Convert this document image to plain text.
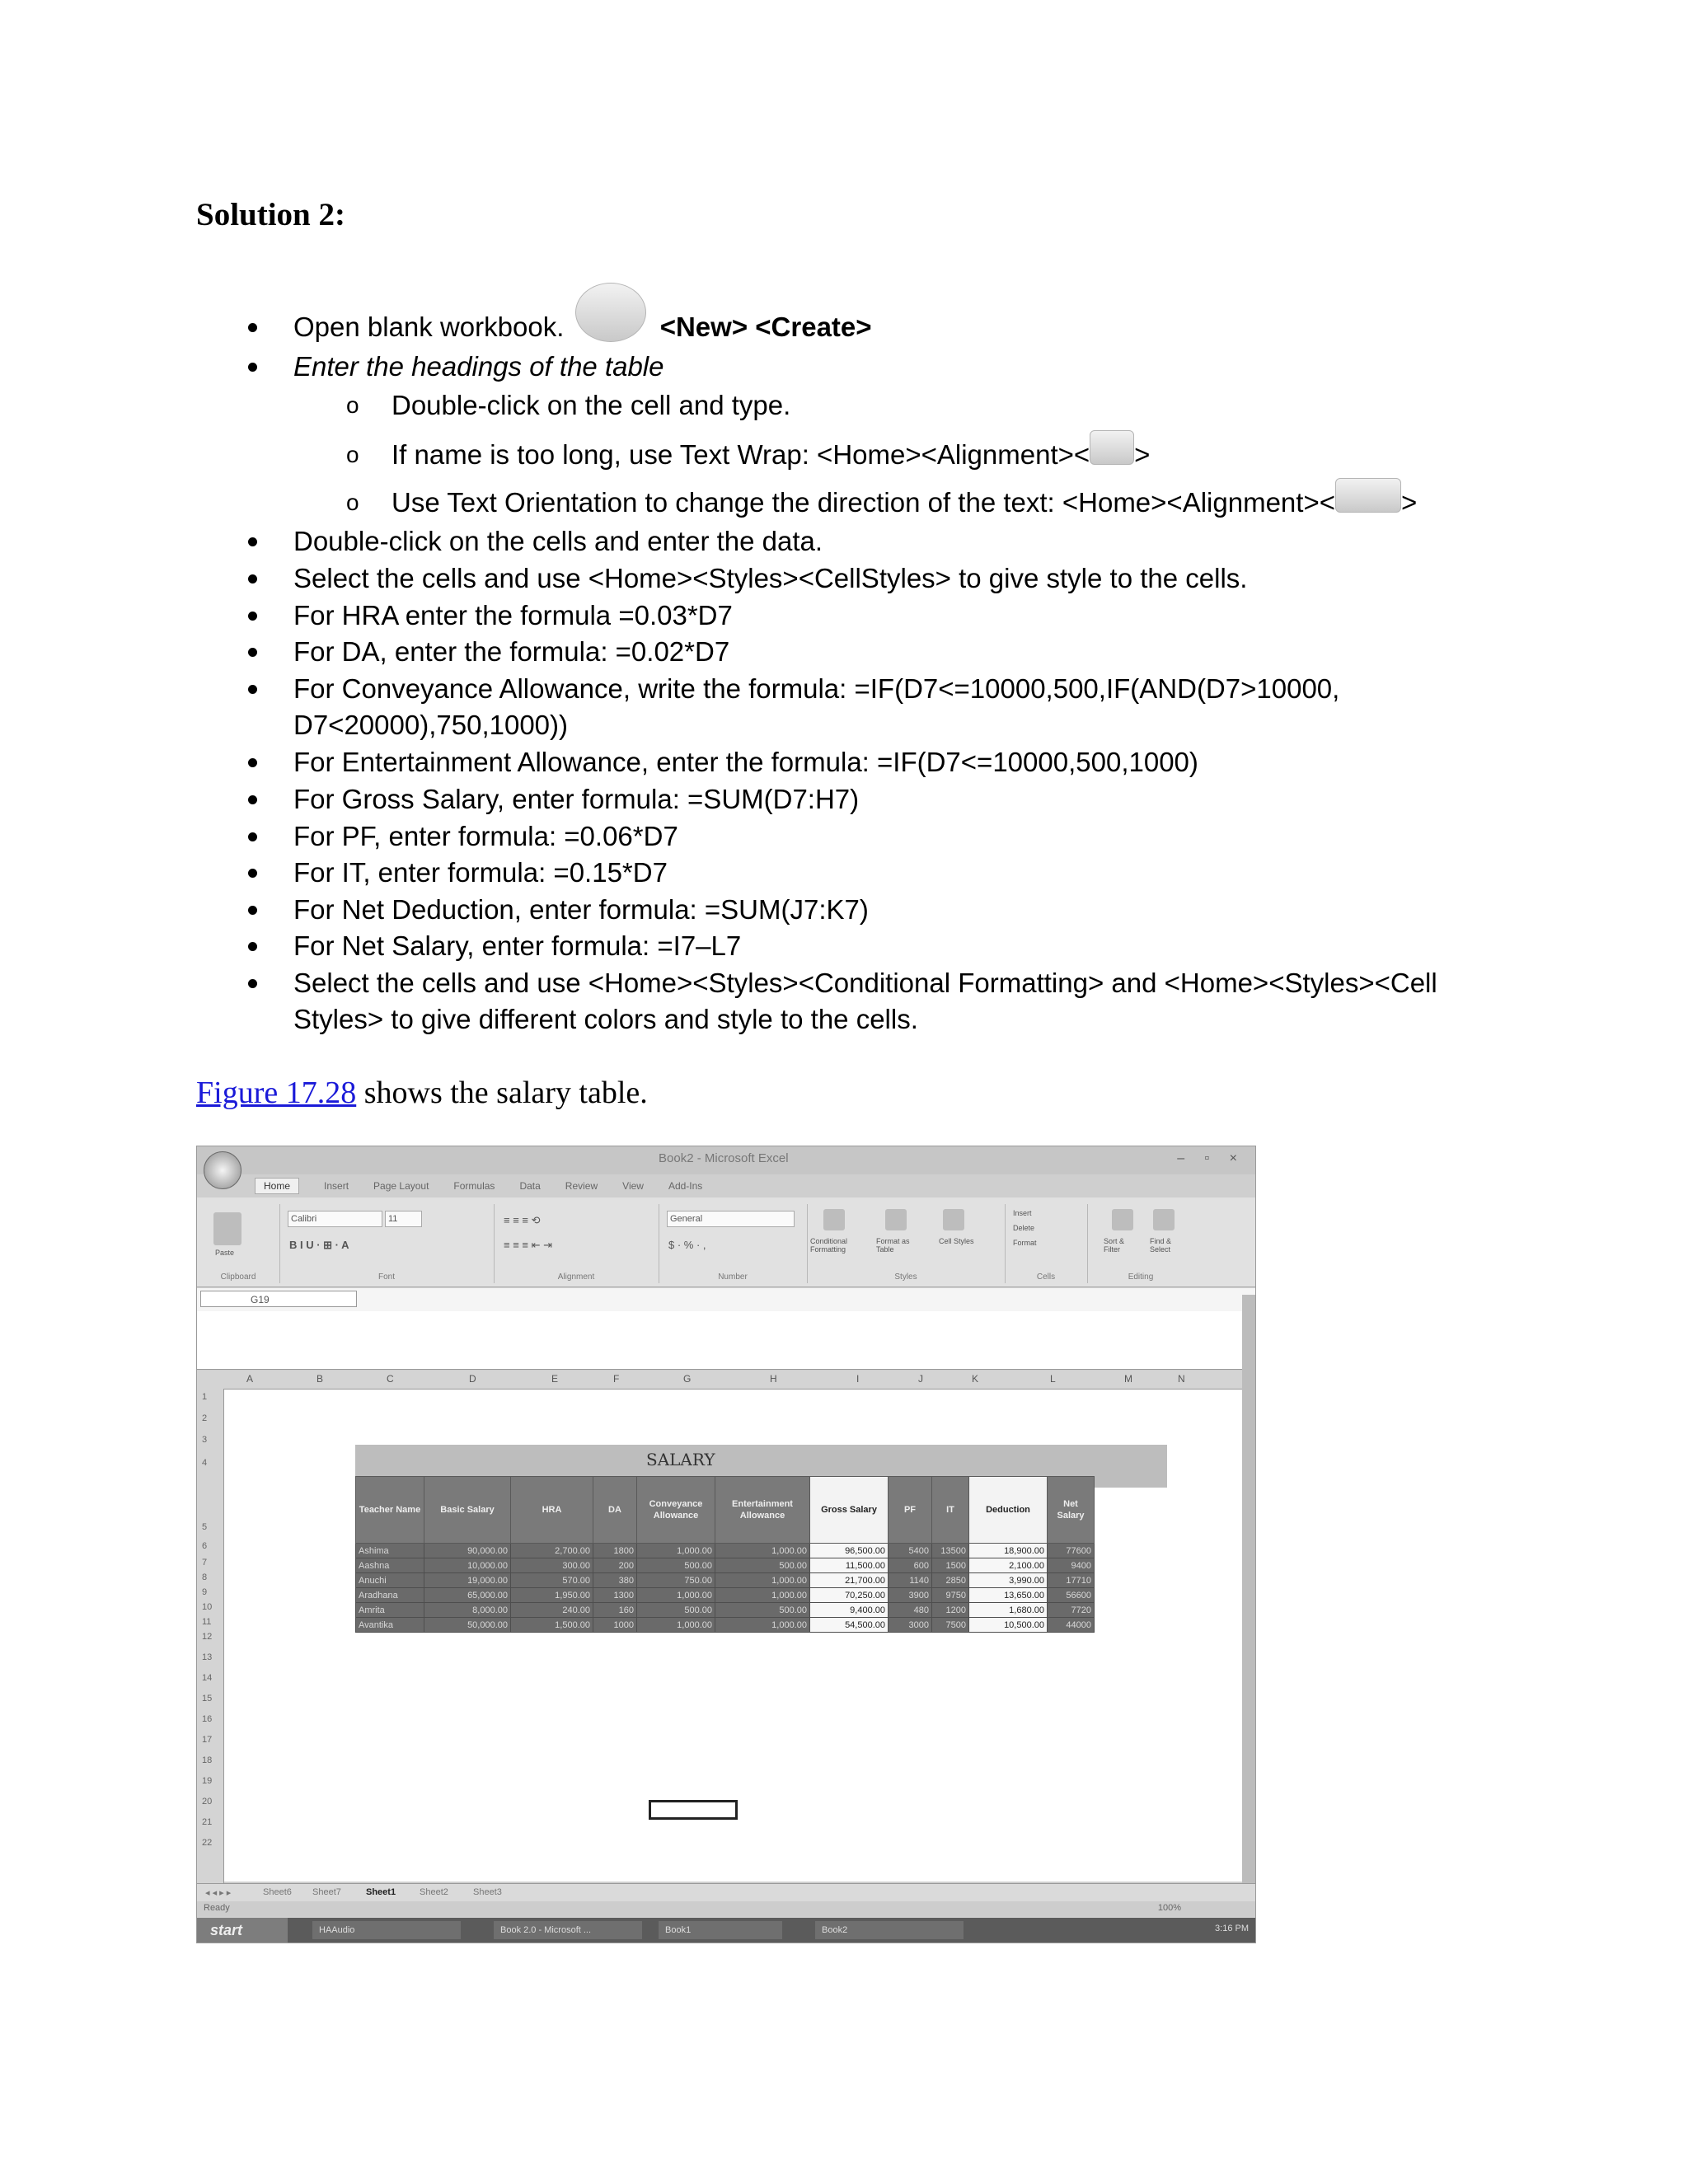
Solution 2:
Open blank workbook.	<New> <Create>
Enter the headings of the table
o Double-click on the cell and type.
o If name is too long, use Text Wrap: <Home><Alignment>< >
o Use Text Orientation to change the direction of the text: <Home><Alignment>< >
Double-click on the cells and enter the data.
Select the cells and use <Home><Styles><CellStyles> to give style to the cells.
For HRA enter the formula =0.03*D7
For DA, enter the formula: =0.02*D7
For Conveyance Allowance, write the formula: =IF(D7<=10000,500,IF(AND(D7>10000,
D7<20000),750,1000))
For Entertainment Allowance, enter the formula: =IF(D7<=10000,500,1000)
For Gross Salary, enter formula: =SUM(D7:H7)
For PF, enter formula: =0.06*D7
For IT, enter formula: =0.15*D7
For Net Deduction, enter formula: =SUM(J7:K7)
For Net Salary, enter formula: =I7–L7
Select the cells and use <Home><Styles><Conditional Formatting> and <Home><Styles><Cell
Styles> to give different colors and style to the cells.
Figure 17.28 shows the salary table.
Book2 - Microsoft Excel	– ▫ ×
Home	Insert	Page Layout	Formulas	Data	Review	View	Add-Ins
Paste
Clipboard
Calibri	11
B I U · ⊞ · A
Font
≡ ≡ ≡ ⟲
≡ ≡ ≡ ⇤ ⇥
Alignment
General
$ · % · ,
Number
Conditional Formatting
Format as Table
Cell Styles
Styles
Insert
Delete
Format
Cells
Sort & Filter
Find & Select
Editing
G19
A	B	C	D	E	F	G	H	I	J	K	L	M	N
1
2
3
4
5
6
7
8
9
10
11
12
13
14
15
16
17
18
19
20
21
22
SALARY
Teacher Name	Basic Salary	HRA	DA	Conveyance Allowance	Entertainment Allowance	Gross Salary	PF	IT	Deduction	Net Salary
Ashima	90,000.00	2,700.00	1800	1,000.00	1,000.00	96,500.00	5400	13500	18,900.00	77600
Aashna	10,000.00	300.00	200	500.00	500.00	11,500.00	600	1500	2,100.00	9400
Anuchi	19,000.00	570.00	380	750.00	1,000.00	21,700.00	1140	2850	3,990.00	17710
Aradhana	65,000.00	1,950.00	1300	1,000.00	1,000.00	70,250.00	3900	9750	13,650.00	56600
Amrita	8,000.00	240.00	160	500.00	500.00	9,400.00	480	1200	1,680.00	7720
Avantika	50,000.00	1,500.00	1000	1,000.00	1,000.00	54,500.00	3000	7500	10,500.00	44000
◂ ◂ ▸ ▸	Sheet6 Sheet7	Sheet1	Sheet2	Sheet3
Ready	100%
start	HAAudio	Book 2.0 - Microsoft ...	Book1	Book2	3:16 PM
